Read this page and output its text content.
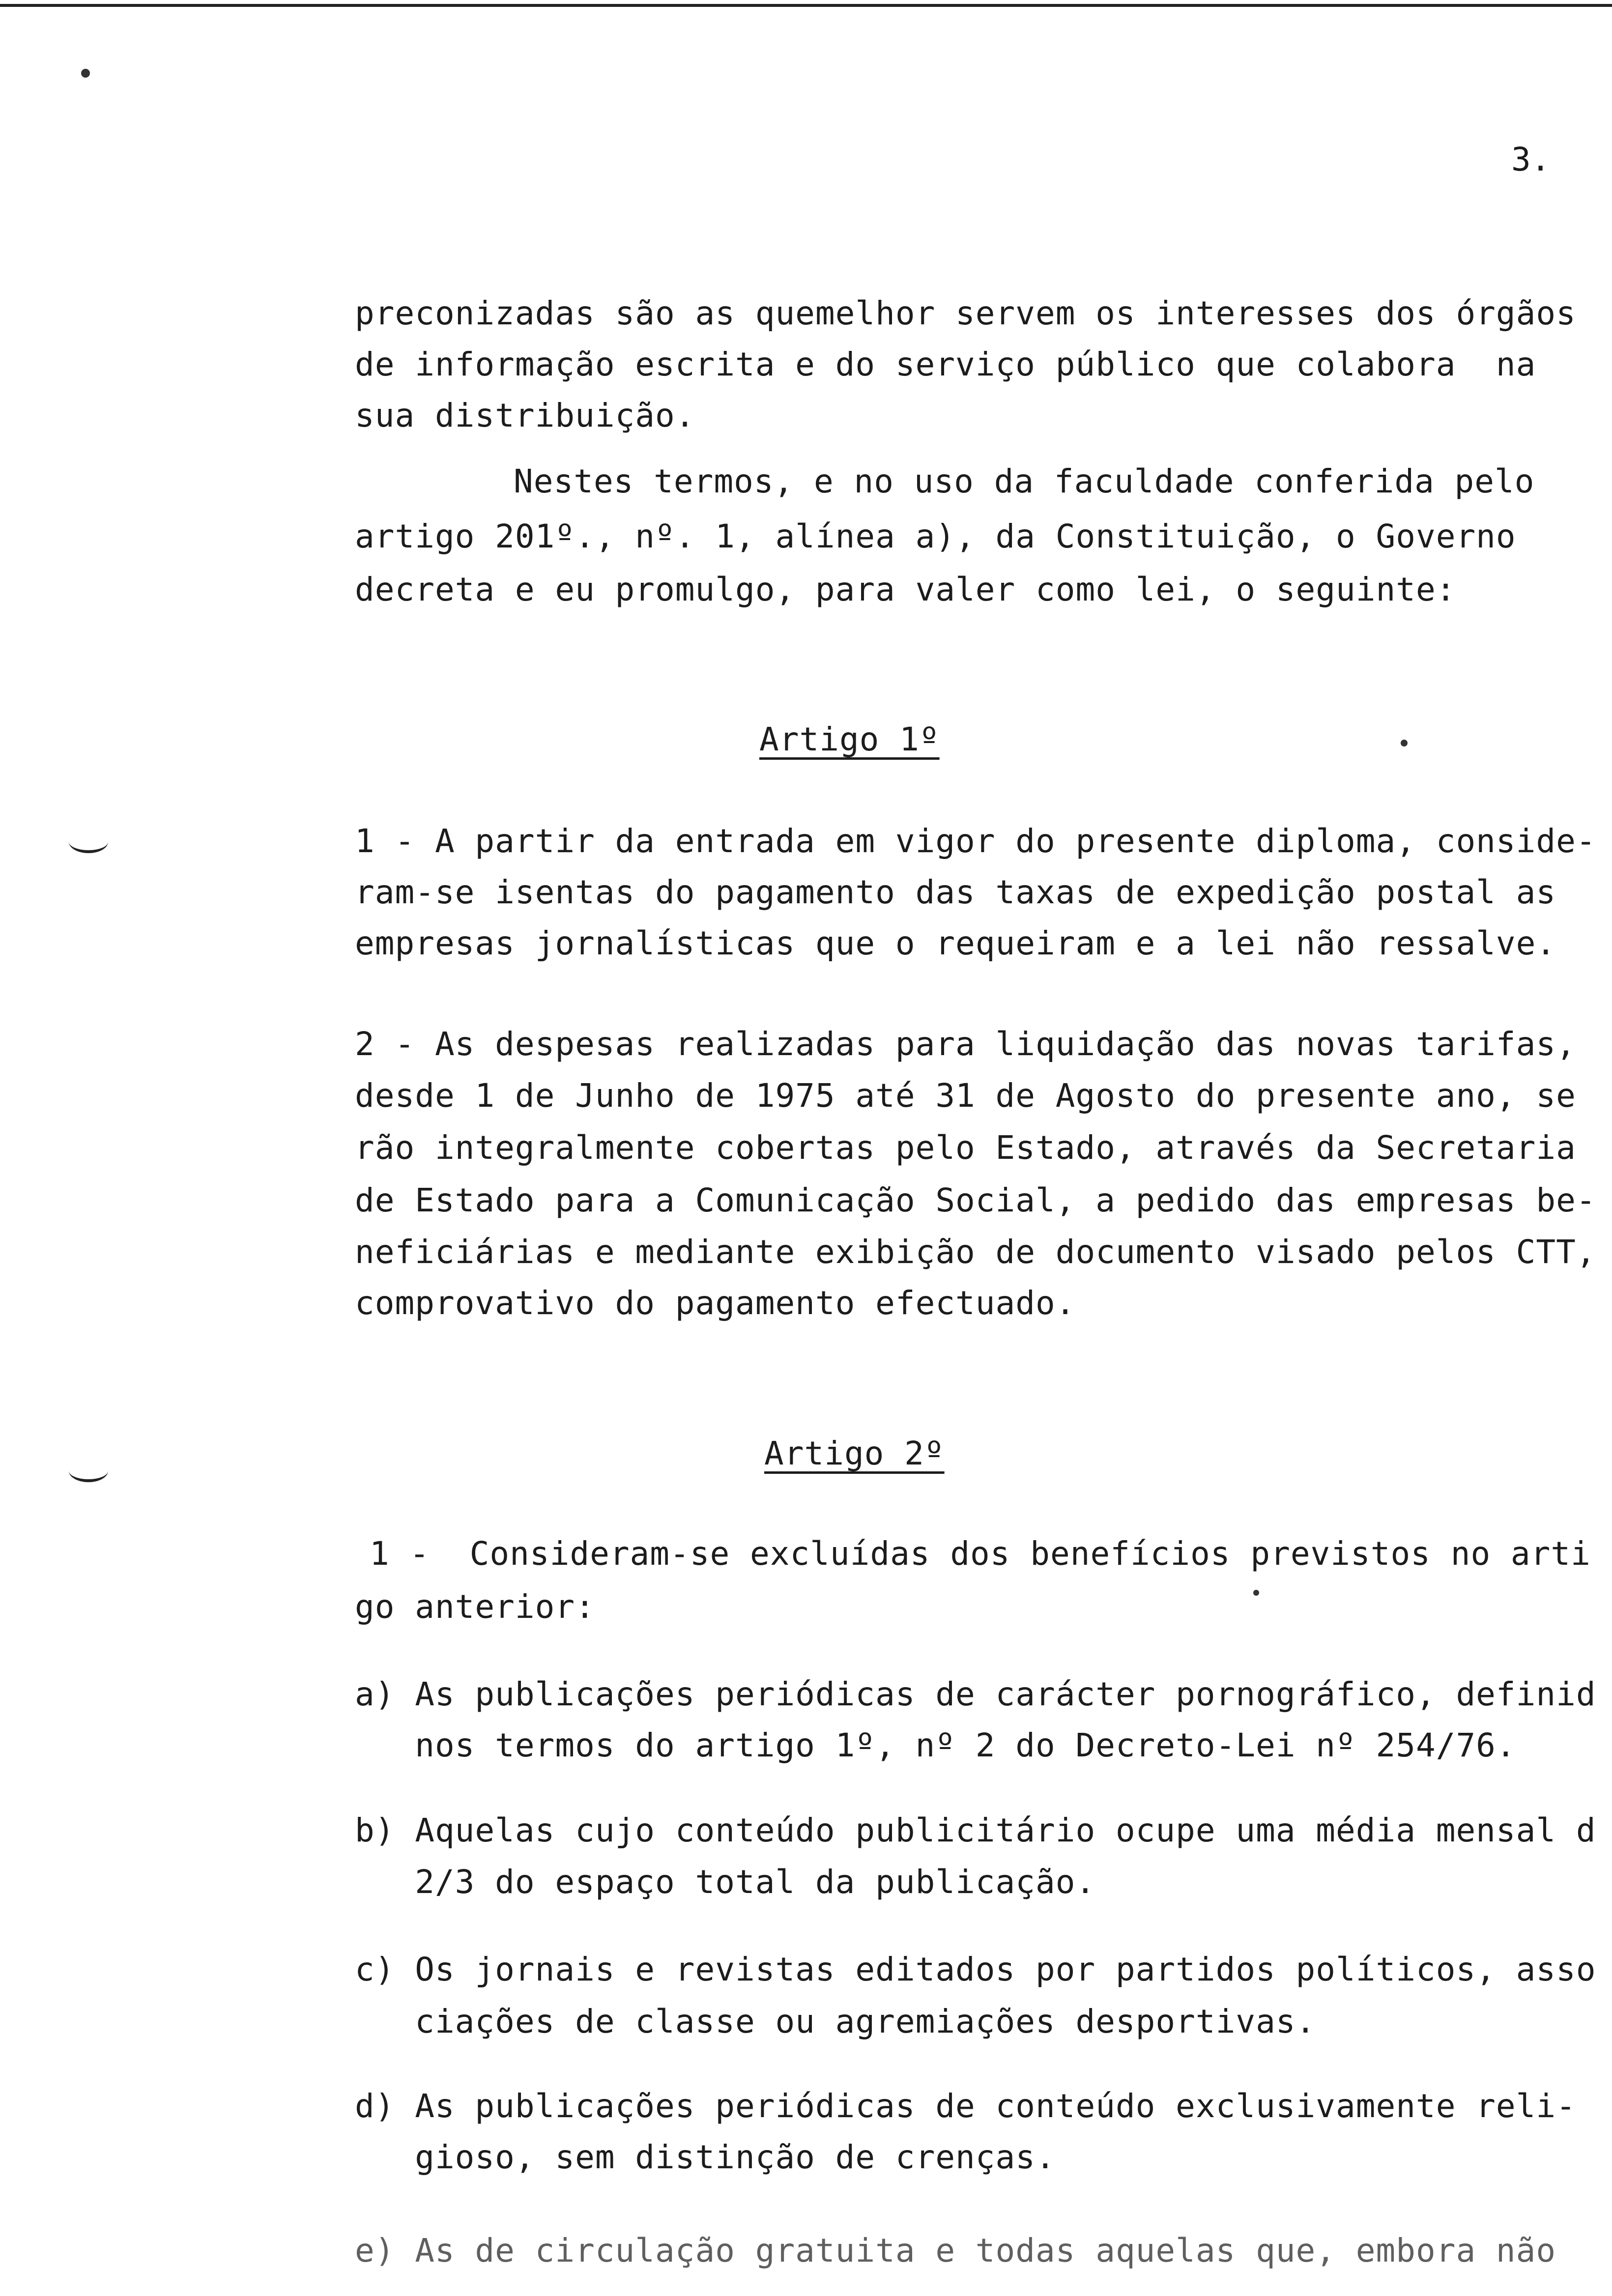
3.
preconizadas são as quemelhor servem os interesses dos órgãos
de informação escrita e do serviço público que colabora  na
sua distribuição.
Nestes termos, e no uso da faculdade conferida pelo
artigo 201º., nº. 1, alínea a), da Constituição, o Governo
decreta e eu promulgo, para valer como lei, o seguinte:
Artigo 1º
1 - A partir da entrada em vigor do presente diploma, conside-
ram-se isentas do pagamento das taxas de expedição postal as
empresas jornalísticas que o requeiram e a lei não ressalve.
2 - As despesas realizadas para liquidação das novas tarifas,
desde 1 de Junho de 1975 até 31 de Agosto do presente ano, se
rão integralmente cobertas pelo Estado, através da Secretaria
de Estado para a Comunicação Social, a pedido das empresas be-
neficiárias e mediante exibição de documento visado pelos CTT,
comprovativo do pagamento efectuado.
Artigo 2º
1 -  Consideram-se excluídas dos benefícios previstos no arti
go anterior:
a) As publicações periódicas de carácter pornográfico, definid
nos termos do artigo 1º, nº 2 do Decreto-Lei nº 254/76.
b) Aquelas cujo conteúdo publicitário ocupe uma média mensal d
2/3 do espaço total da publicação.
c) Os jornais e revistas editados por partidos políticos, asso
ciações de classe ou agremiações desportivas.
d) As publicações periódicas de conteúdo exclusivamente reli-
gioso, sem distinção de crenças.
e) As de circulação gratuita e todas aquelas que, embora não
